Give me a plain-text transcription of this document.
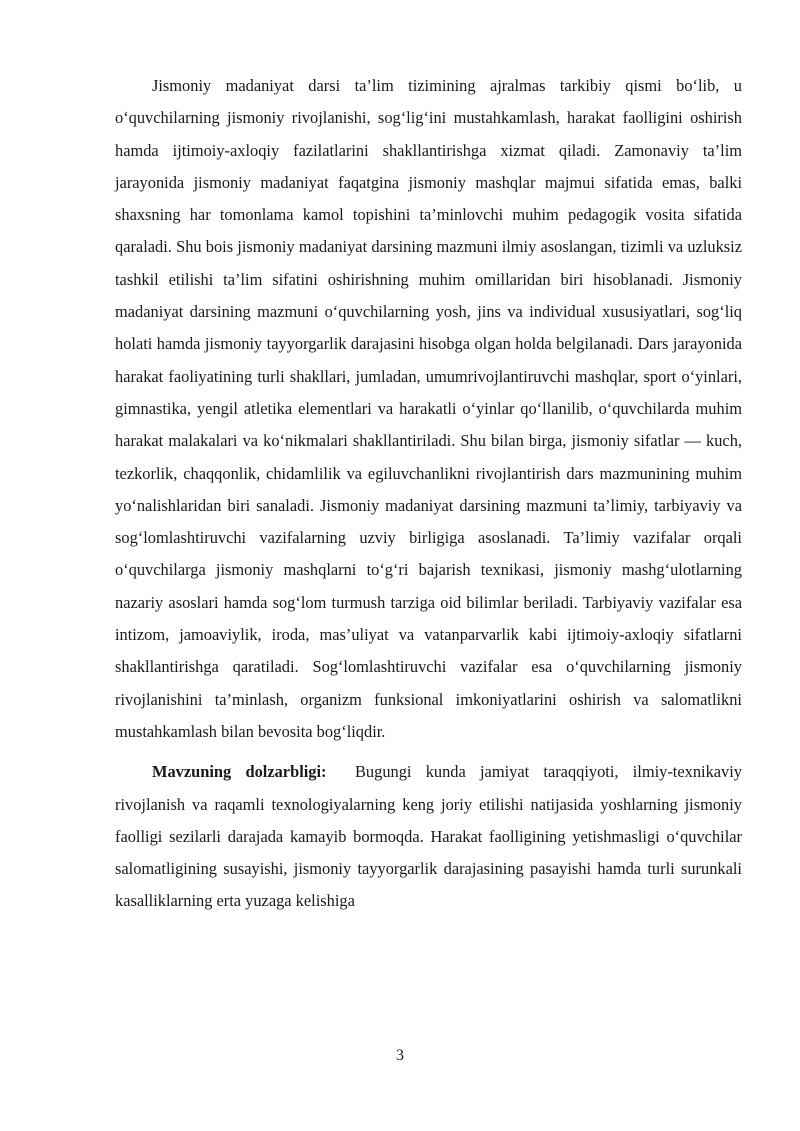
Jismoniy madaniyat darsi ta’lim tizimining ajralmas tarkibiy qismi bo‘lib, u o‘quvchilarning jismoniy rivojlanishi, sog‘lig‘ini mustahkamlash, harakat faolligini oshirish hamda ijtimoiy-axloqiy fazilatlarini shakllantirishga xizmat qiladi. Zamonaviy ta’lim jarayonida jismoniy madaniyat faqatgina jismoniy mashqlar majmui sifatida emas, balki shaxsning har tomonlama kamol topishini ta’minlovchi muhim pedagogik vosita sifatida qaraladi. Shu bois jismoniy madaniyat darsining mazmuni ilmiy asoslangan, tizimli va uzluksiz tashkil etilishi ta’lim sifatini oshirishning muhim omillaridan biri hisoblanadi. Jismoniy madaniyat darsining mazmuni o‘quvchilarning yosh, jins va individual xususiyatlari, sog‘liq holati hamda jismoniy tayyorgarlik darajasini hisobga olgan holda belgilanadi. Dars jarayonida harakat faoliyatining turli shakllari, jumladan, umumrivojlantiruvchi mashqlar, sport o‘yinlari, gimnastika, yengil atletika elementlari va harakatli o‘yinlar qo‘llanilib, o‘quvchilarda muhim harakat malakalari va ko‘nikmalari shakllantiriladi. Shu bilan birga, jismoniy sifatlar — kuch, tezkorlik, chaqqonlik, chidamlilik va egiluvchanlikni rivojlantirish dars mazmunining muhim yo‘nalishlaridan biri sanaladi. Jismoniy madaniyat darsining mazmuni ta’limiy, tarbiyaviy va sog‘lomlashtiruvchi vazifalarning uzviy birligiga asoslanadi. Ta’limiy vazifalar orqali o‘quvchilarga jismoniy mashqlarni to‘g‘ri bajarish texnikasi, jismoniy mashg‘ulotlarning nazariy asoslari hamda sog‘lom turmush tarziga oid bilimlar beriladi. Tarbiyaviy vazifalar esa intizom, jamoaviylik, iroda, mas’uliyat va vatanparvarlik kabi ijtimoiy-axloqiy sifatlarni shakllantirishga qaratiladi. Sog‘lomlashtiruvchi vazifalar esa o‘quvchilarning jismoniy rivojlanishini ta’minlash, organizm funksional imkoniyatlarini oshirish va salomatlikni mustahkamlash bilan bevosita bog‘liqdir.

Mavzuning dolzarbligi: Bugungi kunda jamiyat taraqqiyoti, ilmiy-texnikaviy rivojlanish va raqamli texnologiyalarning keng joriy etilishi natijasida yoshlarning jismoniy faolligi sezilarli darajada kamayib bormoqda. Harakat faolligining yetishmasligi o‘quvchilar salomatligining susayishi, jismoniy tayyorgarlik darajasining pasayishi hamda turli surunkali kasalliklarning erta yuzaga kelishiga

3
